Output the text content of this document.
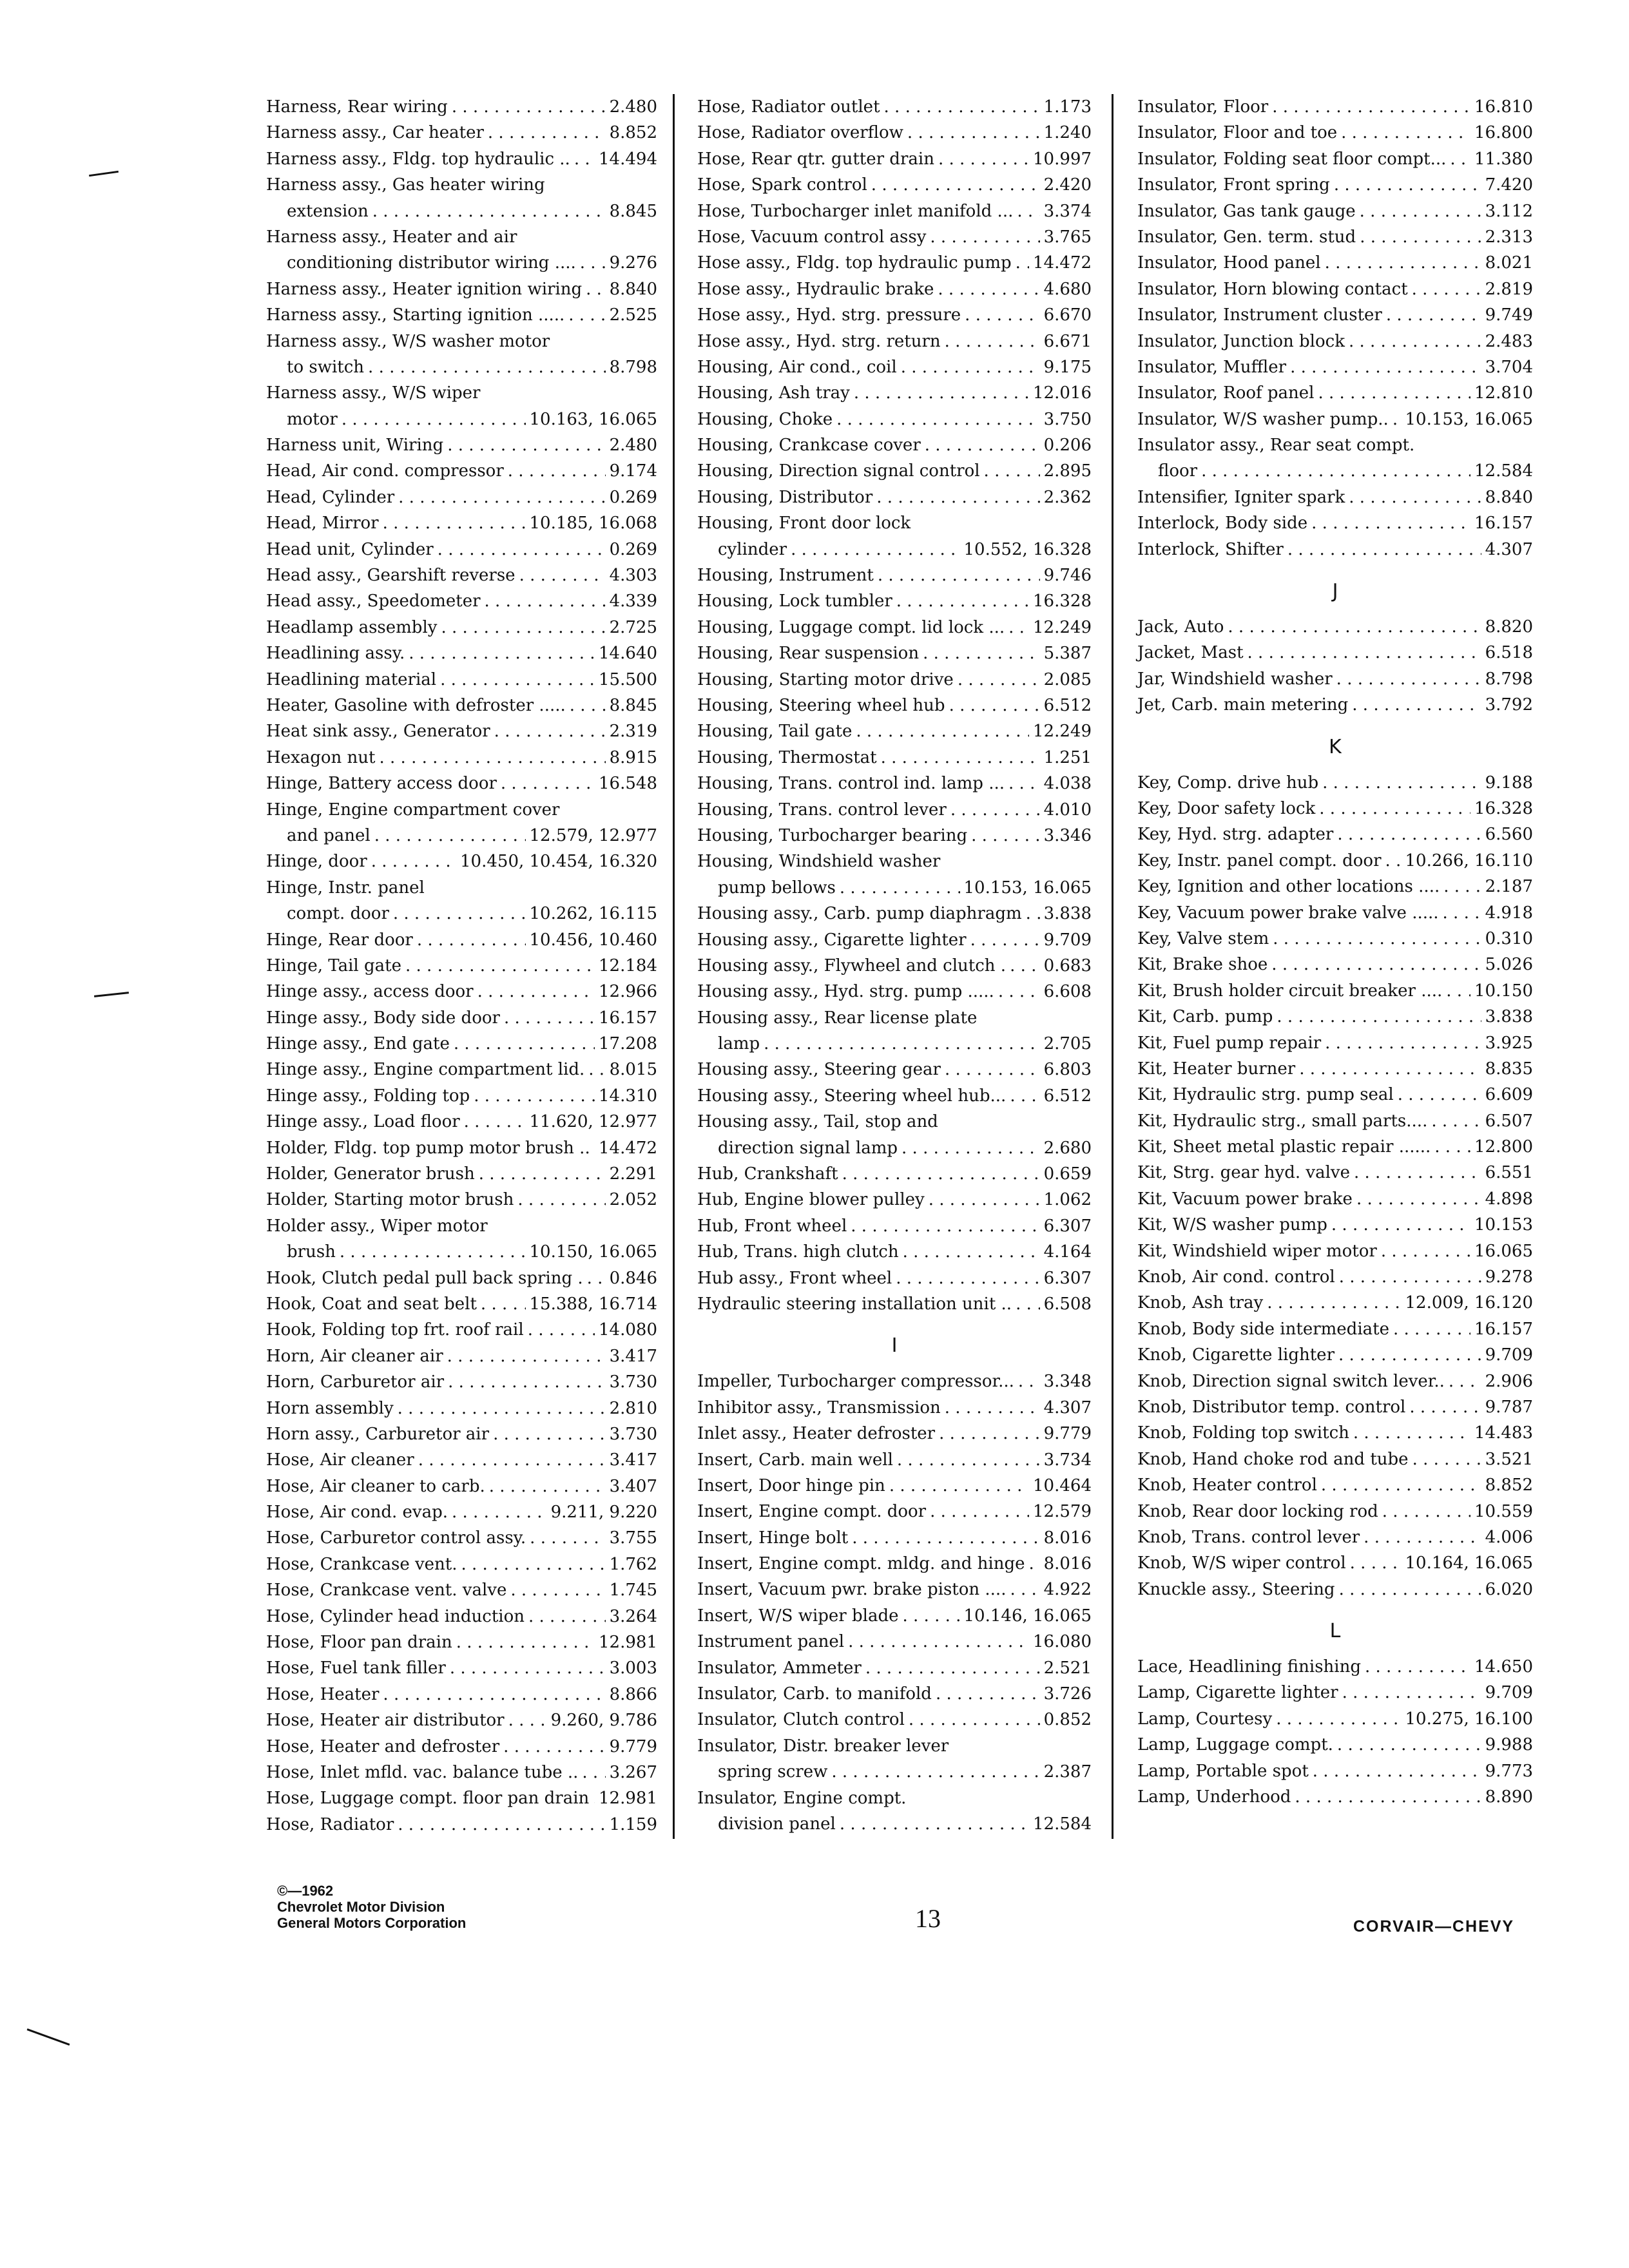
Harness, Rear wiring . . .	2.480
Harness assy., Car heater . . .	8.852
Harness assy., Fldg. top hydraulic .. . . . 14.494
Harness assy., Gas heater wiring
extension . . .	8.845
Harness assy., Heater and air
conditioning distributor wiring .... . . . 9.276
Harness assy., Heater ignition wiring . . . 8.840
Harness assy., Starting ignition ..... . . .	2.525
Harness assy., W/S washer motor
to switch . . .	8.798
Harness assy., W/S wiper
motor . . .	10.163, 16.065
Harness unit, Wiring . . .	2.480
Head, Air cond. compressor . . .	9.174
Head, Cylinder . . .	0.269
Head, Mirror . . .	10.185, 16.068
Head unit, Cylinder . . .	0.269
Head assy., Gearshift reverse . . .	4.303
Head assy., Speedometer . . .	4.339
Headlamp assembly . . .	2.725
Headlining assy. . . .	14.640
Headlining material . . .	15.500
Heater, Gasoline with defroster ..... . . .	8.845
Heat sink assy., Generator . . .	2.319
Hexagon nut . . .	8.915
Hinge, Battery access door . . .	16.548
Hinge, Engine compartment cover
and panel . . .	12.579, 12.977
Hinge, door . . .	10.450, 10.454, 16.320
Hinge, Instr. panel
compt. door . . .	10.262, 16.115
Hinge, Rear door . . .	10.456, 10.460
Hinge, Tail gate . . .	12.184
Hinge assy., access door . . .	12.966
Hinge assy., Body side door . . .	16.157
Hinge assy., End gate . . .	17.208
Hinge assy., Engine compartment lid. . . . 8.015
Hinge assy., Folding top . . .	14.310
Hinge assy., Load floor . . .	11.620, 12.977
Holder, Fldg. top pump motor brush .. . . . 14.472
Holder, Generator brush . . .	2.291
Holder, Starting motor brush . . .	2.052
Holder assy., Wiper motor
brush . . .	10.150, 16.065
Hook, Clutch pedal pull back spring . . . . 0.846
Hook, Coat and seat belt . . .	15.388, 16.714
Hook, Folding top frt. roof rail . . .	14.080
Horn, Air cleaner air . . .	3.417
Horn, Carburetor air . . .	3.730
Horn assembly . . .	2.810
Horn assy., Carburetor air . . .	3.730
Hose, Air cleaner . . .	3.417
Hose, Air cleaner to carb. . . .	3.407
Hose, Air cond. evap. . . .	9.211, 9.220
Hose, Carburetor control assy. . . .	3.755
Hose, Crankcase vent. . . .	1.762
Hose, Crankcase vent. valve . . .	1.745
Hose, Cylinder head induction . . .	3.264
Hose, Floor pan drain . . .	12.981
Hose, Fuel tank filler . . .	3.003
Hose, Heater . . .	8.866
Hose, Heater air distributor . . .	9.260, 9.786
Hose, Heater and defroster . . .	9.779
Hose, Inlet mfld. vac. balance tube .. . . . 3.267
Hose, Luggage compt. floor pan drain . . . 12.981
Hose, Radiator . . .	1.159
Hose, Radiator outlet . . .	1.173
Hose, Radiator overflow . . .	1.240
Hose, Rear qtr. gutter drain . . .	10.997
Hose, Spark control . . .	2.420
Hose, Turbocharger inlet manifold ... . . . 3.374
Hose, Vacuum control assy . . .	3.765
Hose assy., Fldg. top hydraulic pump . . . 14.472
Hose assy., Hydraulic brake . . .	4.680
Hose assy., Hyd. strg. pressure . . .	6.670
Hose assy., Hyd. strg. return . . .	6.671
Housing, Air cond., coil . . .	9.175
Housing, Ash tray . . .	12.016
Housing, Choke . . .	3.750
Housing, Crankcase cover . . .	0.206
Housing, Direction signal control . . .	2.895
Housing, Distributor . . .	2.362
Housing, Front door lock
cylinder . . .	10.552, 16.328
Housing, Instrument . . .	9.746
Housing, Lock tumbler . . .	16.328
Housing, Luggage compt. lid lock ... . . . 12.249
Housing, Rear suspension . . .	5.387
Housing, Starting motor drive . . .	2.085
Housing, Steering wheel hub . . .	6.512
Housing, Tail gate . . .	12.249
Housing, Thermostat . . .	1.251
Housing, Trans. control ind. lamp ... . . . 4.038
Housing, Trans. control lever . . .	4.010
Housing, Turbocharger bearing . . .	3.346
Housing, Windshield washer
pump bellows . . .	10.153, 16.065
Housing assy., Carb. pump diaphragm . . . 3.838
Housing assy., Cigarette lighter . . .	9.709
Housing assy., Flywheel and clutch . . . . 0.683
Housing assy., Hyd. strg. pump ..... . . .	6.608
Housing assy., Rear license plate
lamp . . .	2.705
Housing assy., Steering gear . . .	6.803
Housing assy., Steering wheel hub... . . . 6.512
Housing assy., Tail, stop and
direction signal lamp . . .	2.680
Hub, Crankshaft . . .	0.659
Hub, Engine blower pulley . . .	1.062
Hub, Front wheel . . .	6.307
Hub, Trans. high clutch . . .	4.164
Hub assy., Front wheel . . .	6.307
Hydraulic steering installation unit .. . . . 6.508
I
Impeller, Turbocharger compressor... . . . 3.348
Inhibitor assy., Transmission . . .	4.307
Inlet assy., Heater defroster . . .	9.779
Insert, Carb. main well . . .	3.734
Insert, Door hinge pin . . .	10.464
Insert, Engine compt. door . . .	12.579
Insert, Hinge bolt . . .	8.016
Insert, Engine compt. mldg. and hinge . . . 8.016
Insert, Vacuum pwr. brake piston .... . . . 4.922
Insert, W/S wiper blade . . .	10.146, 16.065
Instrument panel . . .	16.080
Insulator, Ammeter . . .	2.521
Insulator, Carb. to manifold . . .	3.726
Insulator, Clutch control . . .	0.852
Insulator, Distr. breaker lever
spring screw . . .	2.387
Insulator, Engine compt.
division panel . . .	12.584
Insulator, Floor . . .	16.810
Insulator, Floor and toe . . .	16.800
Insulator, Folding seat floor compt... . . . 11.380
Insulator, Front spring . . .	7.420
Insulator, Gas tank gauge . . .	3.112
Insulator, Gen. term. stud . . .	2.313
Insulator, Hood panel . . .	8.021
Insulator, Horn blowing contact . . .	2.819
Insulator, Instrument cluster . . .	9.749
Insulator, Junction block . . .	2.483
Insulator, Muffler . . .	3.704
Insulator, Roof panel . . .	12.810
Insulator, W/S washer pump.. . . . 10.153, 16.065
Insulator assy., Rear seat compt.
floor . . .	12.584
Intensifier, Igniter spark . . .	8.840
Interlock, Body side . . .	16.157
Interlock, Shifter . . .	4.307
J
Jack, Auto . . .	8.820
Jacket, Mast . . .	6.518
Jar, Windshield washer . . .	8.798
Jet, Carb. main metering . . .	3.792
K
Key, Comp. drive hub . . .	9.188
Key, Door safety lock . . .	16.328
Key, Hyd. strg. adapter . . .	6.560
Key, Instr. panel compt. door . . . 10.266, 16.110
Key, Ignition and other locations .... . . .	2.187
Key, Vacuum power brake valve ..... . . .	4.918
Key, Valve stem . . .	0.310
Kit, Brake shoe . . .	5.026
Kit, Brush holder circuit breaker .... . . . 10.150
Kit, Carb. pump . . .	3.838
Kit, Fuel pump repair . . .	3.925
Kit, Heater burner . . .	8.835
Kit, Hydraulic strg. pump seal . . .	6.609
Kit, Hydraulic strg., small parts.... . . .	6.507
Kit, Sheet metal plastic repair ...... . . .	12.800
Kit, Strg. gear hyd. valve . . .	6.551
Kit, Vacuum power brake . . .	4.898
Kit, W/S washer pump . . .	10.153
Kit, Windshield wiper motor . . .	16.065
Knob, Air cond. control . . .	9.278
Knob, Ash tray . . .	12.009, 16.120
Knob, Body side intermediate . . .	16.157
Knob, Cigarette lighter . . .	9.709
Knob, Direction signal switch lever.. . . . 2.906
Knob, Distributor temp. control . . .	9.787
Knob, Folding top switch . . .	14.483
Knob, Hand choke rod and tube . . .	3.521
Knob, Heater control . . .	8.852
Knob, Rear door locking rod . . .	10.559
Knob, Trans. control lever . . .	4.006
Knob, W/S wiper control . . .	10.164, 16.065
Knuckle assy., Steering . . .	6.020
L
Lace, Headlining finishing . . .	14.650
Lamp, Cigarette lighter . . .	9.709
Lamp, Courtesy . . .	10.275, 16.100
Lamp, Luggage compt. . . .	9.988
Lamp, Portable spot . . .	9.773
Lamp, Underhood . . .	8.890
©—1962
Chevrolet Motor Division
General Motors Corporation	13	CORVAIR—CHEVY
